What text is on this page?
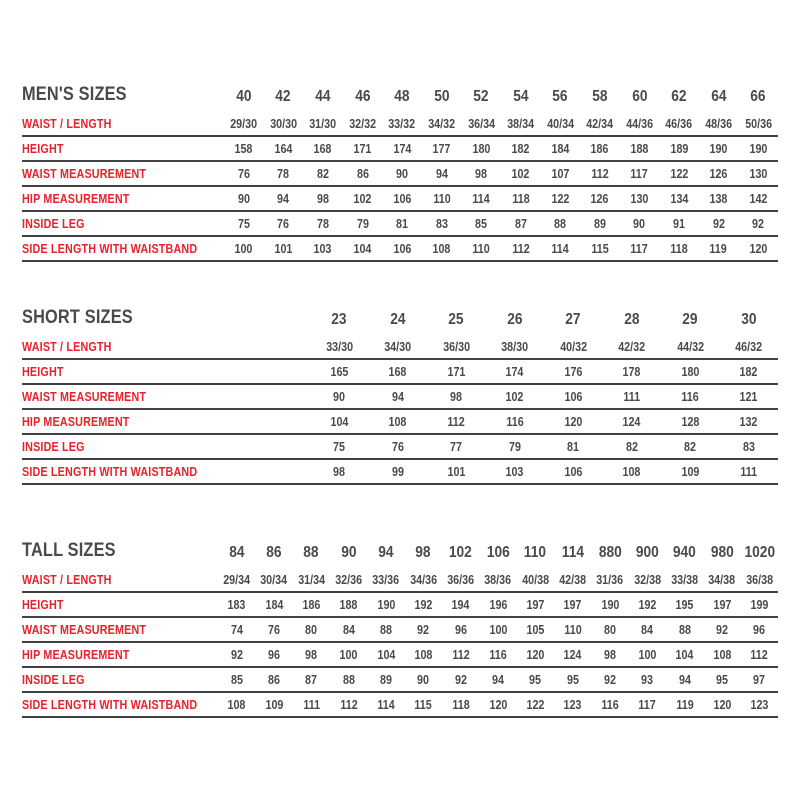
MEN'S SIZES	40	42	44	46	48	50	52	54	56	58	60	62	64	66
WAIST / LENGTH	29/30	30/30	31/30	32/32	33/32	34/32	36/34	38/34	40/34	42/34	44/36	46/36	48/36	50/36
HEIGHT	158	164	168	171	174	177	180	182	184	186	188	189	190	190
WAIST MEASUREMENT	76	78	82	86	90	94	98	102	107	112	117	122	126	130
HIP MEASUREMENT	90	94	98	102	106	110	114	118	122	126	130	134	138	142
INSIDE LEG	75	76	78	79	81	83	85	87	88	89	90	91	92	92
SIDE LENGTH WITH WAISTBAND	100	101	103	104	106	108	110	112	114	115	117	118	119	120
SHORT SIZES	23	24	25	26	27	28	29	30
WAIST / LENGTH	33/30	34/30	36/30	38/30	40/32	42/32	44/32	46/32
HEIGHT	165	168	171	174	176	178	180	182
WAIST MEASUREMENT	90	94	98	102	106	111	116	121
HIP MEASUREMENT	104	108	112	116	120	124	128	132
INSIDE LEG	75	76	77	79	81	82	82	83
SIDE LENGTH WITH WAISTBAND	98	99	101	103	106	108	109	111
TALL SIZES	84	86	88	90	94	98	102	106	110	114	880	900	940	980	1020
WAIST / LENGTH	29/34	30/34	31/34	32/36	33/36	34/36	36/36	38/36	40/38	42/38	31/36	32/38	33/38	34/38	36/38
HEIGHT	183	184	186	188	190	192	194	196	197	197	190	192	195	197	199
WAIST MEASUREMENT	74	76	80	84	88	92	96	100	105	110	80	84	88	92	96
HIP MEASUREMENT	92	96	98	100	104	108	112	116	120	124	98	100	104	108	112
INSIDE LEG	85	86	87	88	89	90	92	94	95	95	92	93	94	95	97
SIDE LENGTH WITH WAISTBAND	108	109	111	112	114	115	118	120	122	123	116	117	119	120	123
